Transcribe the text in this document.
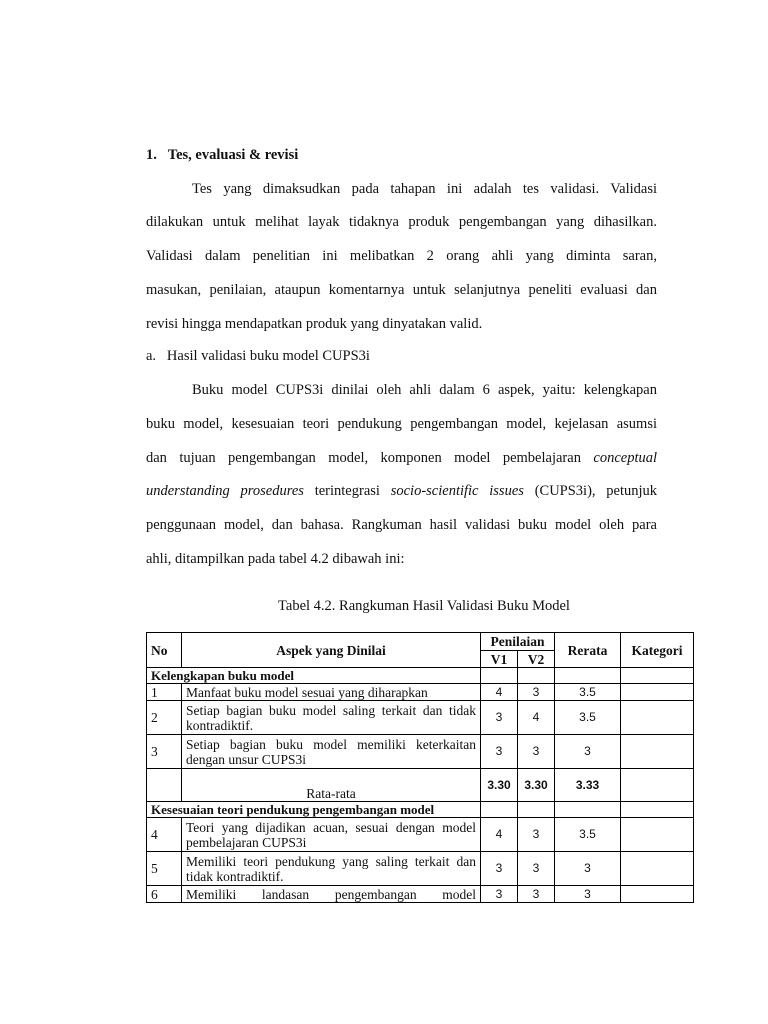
1.   Tes, evaluasi & revisi
Tes yang dimaksudkan pada tahapan ini adalah tes validasi. Validasi
dilakukan untuk melihat layak tidaknya produk pengembangan yang dihasilkan.
Validasi dalam penelitian ini melibatkan 2 orang ahli yang diminta saran,
masukan, penilaian, ataupun komentarnya untuk selanjutnya peneliti evaluasi dan
revisi hingga mendapatkan produk yang dinyatakan valid.
a.   Hasil validasi buku model CUPS3i
Buku model CUPS3i dinilai oleh ahli dalam 6 aspek, yaitu: kelengkapan
buku model, kesesuaian teori pendukung pengembangan model, kejelasan asumsi
dan tujuan pengembangan model, komponen model pembelajaran conceptual
understanding prosedures terintegrasi socio-scientific issues (CUPS3i), petunjuk
penggunaan model, dan bahasa. Rangkuman hasil validasi buku model oleh para
ahli, ditampilkan pada tabel 4.2 dibawah ini:
Tabel 4.2. Rangkuman Hasil Validasi Buku Model
No	Aspek yang Dinilai	Penilaian		Rerata	Kategori
		V1	V2		
Kelengkapan buku model					
1	Manfaat buku model sesuai yang diharapkan	4	3	3.5	
2	Setiap bagian buku model saling terkait dan tidak kontradiktif.	3	4	3.5	
3	Setiap bagian buku model memiliki keterkaitan dengan unsur CUPS3i	3	3	3	
	Rata-rata	3.30	3.30	3.33	
Kesesuaian teori pendukung pengembangan model					
4	Teori yang dijadikan acuan, sesuai dengan model pembelajaran CUPS3i	4	3	3.5	
5	Memiliki teori pendukung yang saling terkait dan tidak kontradiktif.	3	3	3	
6	Memiliki landasan pengembangan model	3	3	3	
